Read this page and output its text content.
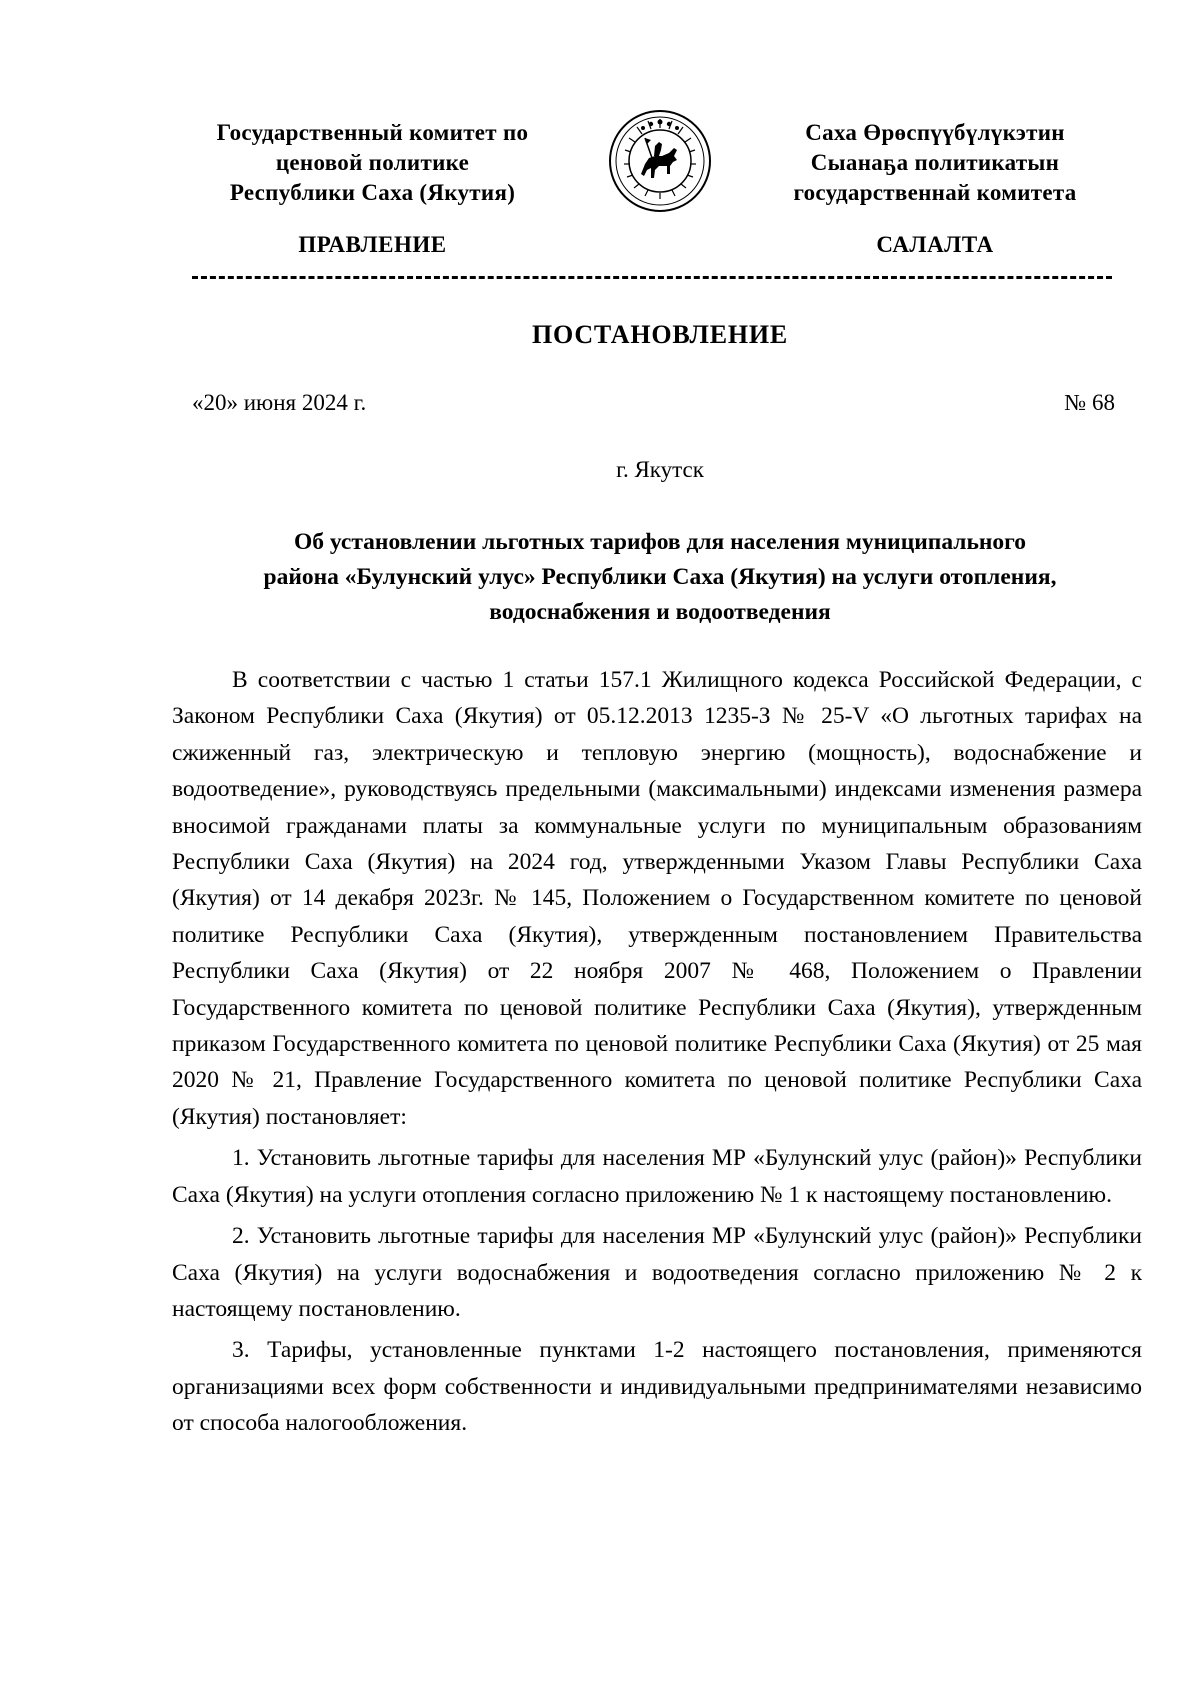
Государственный комитет по
ценовой политике
Республики Саха (Якутия)
Саха Өрөспүүбүлүкэтин
Сыанаҕа политикатын
государственнай комитета
ПРАВЛЕНИЕ	САЛАЛТА
ПОСТАНОВЛЕНИЕ
«20» июня 2024 г.	№ 68
г. Якутск
Об установлении льготных тарифов для населения муниципального
района «Булунский улус» Республики Саха (Якутия) на услуги отопления,
водоснабжения и водоотведения

В соответствии с частью 1 статьи 157.1 Жилищного кодекса Российской Федерации, с Законом Республики Саха (Якутия) от 05.12.2013 1235-З № 25-V «О льготных тарифах на сжиженный газ, электрическую и тепловую энергию (мощность), водоснабжение и водоотведение», руководствуясь предельными (максимальными) индексами изменения размера вносимой гражданами платы за коммунальные услуги по муниципальным образованиям Республики Саха (Якутия) на 2024 год, утвержденными Указом Главы Республики Саха (Якутия) от 14 декабря 2023г. № 145, Положением о Государственном комитете по ценовой политике Республики Саха (Якутия), утвержденным постановлением Правительства Республики Саха (Якутия) от 22 ноября 2007 № 468, Положением о Правлении Государственного комитета по ценовой политике Республики Саха (Якутия), утвержденным приказом Государственного комитета по ценовой политике Республики Саха (Якутия) от 25 мая 2020 № 21, Правление Государственного комитета по ценовой политике Республики Саха (Якутия) постановляет:

1. Установить льготные тарифы для населения МР «Булунский улус (район)» Республики Саха (Якутия) на услуги отопления согласно приложению № 1 к настоящему постановлению.

2. Установить льготные тарифы для населения МР «Булунский улус (район)» Республики Саха (Якутия) на услуги водоснабжения и водоотведения согласно приложению № 2 к настоящему постановлению.

3. Тарифы, установленные пунктами 1-2 настоящего постановления, применяются организациями всех форм собственности и индивидуальными предпринимателями независимо от способа налогообложения.
